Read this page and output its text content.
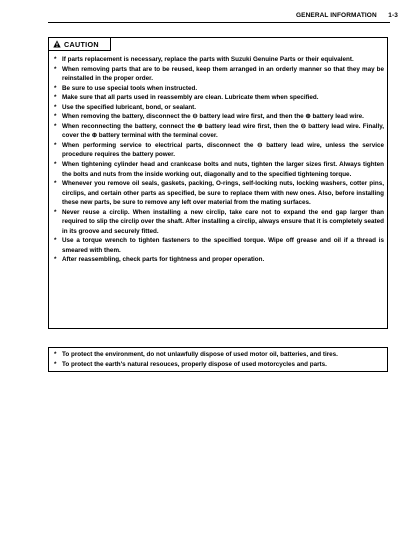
GENERAL INFORMATION 1-3
CAUTION
* If parts replacement is necessary, replace the parts with Suzuki Genuine Parts or their equivalent.
* When removing parts that are to be reused, keep them arranged in an orderly manner so that they may be reinstalled in the proper order.
* Be sure to use special tools when instructed.
* Make sure that all parts used in reassembly are clean. Lubricate them when specified.
* Use the specified lubricant, bond, or sealant.
* When removing the battery, disconnect the ⊖ battery lead wire first, and then the ⊕ battery lead wire.
* When reconnecting the battery, connect the ⊕ battery lead wire first, then the ⊖ battery lead wire. Finally, cover the ⊕ battery terminal with the terminal cover.
* When performing service to electrical parts, disconnect the ⊖ battery lead wire, unless the service procedure requires the battery power.
* When tightening cylinder head and crankcase bolts and nuts, tighten the larger sizes first. Always tighten the bolts and nuts from the inside working out, diagonally and to the specified tightening torque.
* Whenever you remove oil seals, gaskets, packing, O-rings, self-locking nuts, locking washers, cotter pins, circlips, and certain other parts as specified, be sure to replace them with new ones. Also, before installing these new parts, be sure to remove any left over material from the mating surfaces.
* Never reuse a circlip. When installing a new circlip, take care not to expand the end gap larger than required to slip the circlip over the shaft. After installing a circlip, always ensure that it is completely seated in its groove and securely fitted.
* Use a torque wrench to tighten fasteners to the specified torque. Wipe off grease and oil if a thread is smeared with them.
* After reassembling, check parts for tightness and proper operation.
* To protect the environment, do not unlawfully dispose of used motor oil, batteries, and tires.
* To protect the earth's natural resouces, properly dispose of used motorcycles and parts.
